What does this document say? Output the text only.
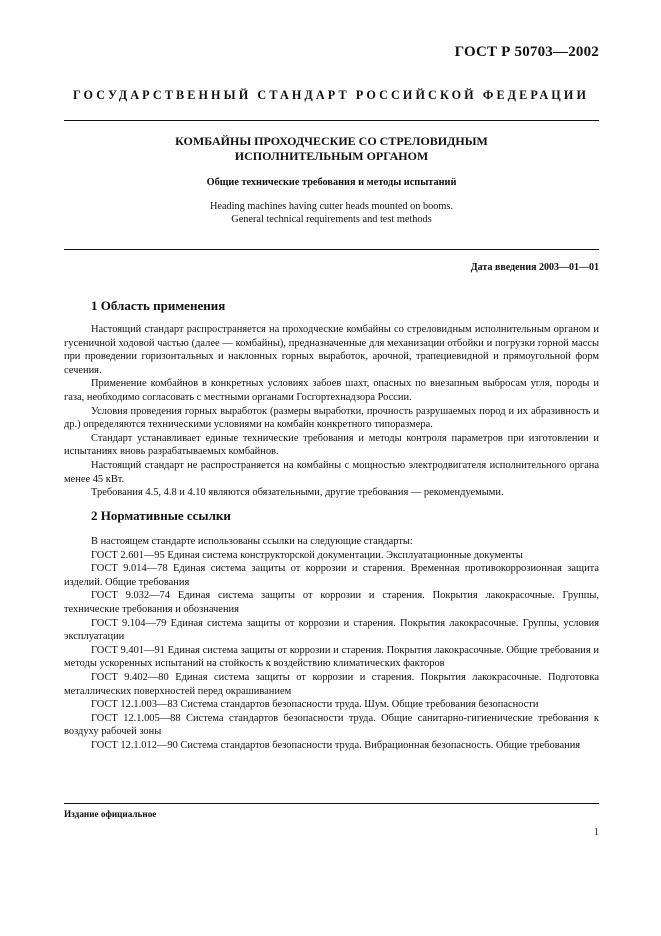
ГОСТ Р 50703—2002
ГОСУДАРСТВЕННЫЙ СТАНДАРТ РОССИЙСКОЙ ФЕДЕРАЦИИ
КОМБАЙНЫ ПРОХОДЧЕСКИЕ СО СТРЕЛОВИДНЫМ
ИСПОЛНИТЕЛЬНЫМ ОРГАНОМ
Общие технические требования и методы испытаний
Heading machines having cutter heads mounted on booms.
General technical requirements and test methods
Дата введения 2003—01—01
1 Область применения

Настоящий стандарт распространяется на проходческие комбайны со стреловидным исполнительным органом и гусеничной ходовой частью (далее — комбайны), предназначенные для механизации отбойки и погрузки горной массы при проведении горизонтальных и наклонных горных выработок, арочной, трапециевидной и прямоугольной форм сечения.

Применение комбайнов в конкретных условиях забоев шахт, опасных по внезапным выбросам угля, породы и газа, необходимо согласовать с местными органами Госгортехнадзора России.

Условия проведения горных выработок (размеры выработки, прочность разрушаемых пород и их абразивность и др.) определяются техническими условиями на комбайн конкретного типоразмера.

Стандарт устанавливает единые технические требования и методы контроля параметров при изготовлении и испытаниях вновь разрабатываемых комбайнов.

Настоящий стандарт не распространяется на комбайны с мощностью электродвигателя исполнительного органа менее 45 кВт.

Требования 4.5, 4.8 и 4.10 являются обязательными, другие требования — рекомендуемыми.

2 Нормативные ссылки

В настоящем стандарте использованы ссылки на следующие стандарты:

ГОСТ 2.601—95 Единая система конструкторской документации. Эксплуатационные документы

ГОСТ 9.014—78 Единая система защиты от коррозии и старения. Временная противокоррозионная защита изделий. Общие требования

ГОСТ 9.032—74 Единая система защиты от коррозии и старения. Покрытия лакокрасочные. Группы, технические требования и обозначения

ГОСТ 9.104—79 Единая система защиты от коррозии и старения. Покрытия лакокрасочные. Группы, условия эксплуатации

ГОСТ 9.401—91 Единая система защиты от коррозии и старения. Покрытия лакокрасочные. Общие требования и методы ускоренных испытаний на стойкость к воздействию климатических факторов

ГОСТ 9.402—80 Единая система защиты от коррозии и старения. Покрытия лакокрасочные. Подготовка металлических поверхностей перед окрашиванием

ГОСТ 12.1.003—83 Система стандартов безопасности труда. Шум. Общие требования безопасности

ГОСТ 12.1.005—88 Система стандартов безопасности труда. Общие санитарно-гигиенические требования к воздуху рабочей зоны

ГОСТ 12.1.012—90 Система стандартов безопасности труда. Вибрационная безопасность. Общие требования

Издание официальное
1
